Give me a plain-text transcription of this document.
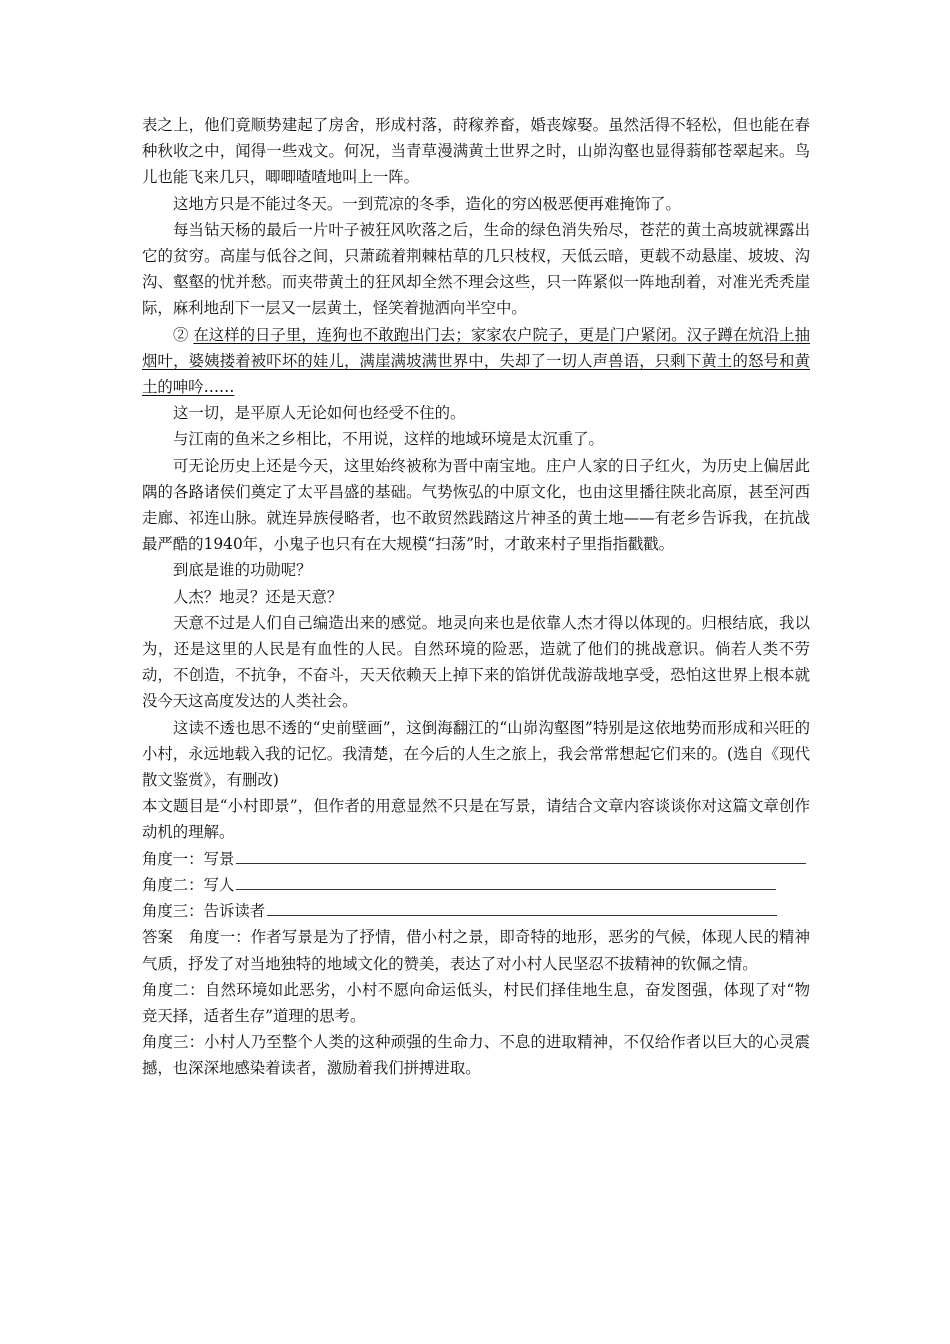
表之上，他们竟顺势建起了房舍，形成村落，莳稼养畜，婚丧嫁娶。虽然活得不轻松，但也能在春种秋收之中，闻得一些戏文。何况，当青草漫满黄土世界之时，山峁沟壑也显得蓊郁苍翠起来。鸟儿也能飞来几只，唧唧喳喳地叫上一阵。

这地方只是不能过冬天。一到荒凉的冬季，造化的穷凶极恶便再难掩饰了。

每当钻天杨的最后一片叶子被狂风吹落之后，生命的绿色消失殆尽，苍茫的黄土高坡就裸露出它的贫穷。高崖与低谷之间，只萧疏着荆棘枯草的几只枝杈，天低云暗，更载不动悬崖、坡坡、沟沟、壑壑的忧并愁。而夹带黄土的狂风却全然不理会这些，只一阵紧似一阵地刮着，对准光秃秃崖际，麻利地刮下一层又一层黄土，怪笑着抛洒向半空中。

② 在这样的日子里，连狗也不敢跑出门去；家家农户院子，更是门户紧闭。汉子蹲在炕沿上抽烟叶，婆姨搂着被吓坏的娃儿，满崖满坡满世界中，失却了一切人声兽语，只剩下黄土的怒号和黄土的呻吟……

这一切，是平原人无论如何也经受不住的。

与江南的鱼米之乡相比，不用说，这样的地域环境是太沉重了。

可无论历史上还是今天，这里始终被称为晋中南宝地。庄户人家的日子红火，为历史上偏居此隅的各路诸侯们奠定了太平昌盛的基础。气势恢弘的中原文化，也由这里播往陕北高原，甚至河西走廊、祁连山脉。就连异族侵略者，也不敢贸然践踏这片神圣的黄土地——有老乡告诉我，在抗战最严酷的1940年，小鬼子也只有在大规模“扫荡”时，才敢来村子里指指戳戳。

到底是谁的功勋呢？

人杰？地灵？还是天意？

天意不过是人们自己编造出来的感觉。地灵向来也是依靠人杰才得以体现的。归根结底，我以为，还是这里的人民是有血性的人民。自然环境的险恶，造就了他们的挑战意识。倘若人类不劳动，不创造，不抗争，不奋斗，天天依赖天上掉下来的馅饼优哉游哉地享受，恐怕这世界上根本就没今天这高度发达的人类社会。

这读不透也思不透的“史前壁画”，这倒海翻江的“山峁沟壑图”特别是这依地势而形成和兴旺的小村，永远地载入我的记忆。我清楚，在今后的人生之旅上，我会常常想起它们来的。(选自《现代散文鉴赏》，有删改)

本文题目是“小村即景”，但作者的用意显然不只是在写景，请结合文章内容谈谈你对这篇文章创作动机的理解。

角度一：写景
角度二：写人
角度三：告诉读者

答案　角度一：作者写景是为了抒情，借小村之景，即奇特的地形，恶劣的气候，体现人民的精神气质，抒发了对当地独特的地域文化的赞美，表达了对小村人民坚忍不拔精神的钦佩之情。

角度二：自然环境如此恶劣，小村不愿向命运低头，村民们择佳地生息，奋发图强，体现了对“物竞天择，适者生存”道理的思考。

角度三：小村人乃至整个人类的这种顽强的生命力、不息的进取精神，不仅给作者以巨大的心灵震撼，也深深地感染着读者，激励着我们拼搏进取。
